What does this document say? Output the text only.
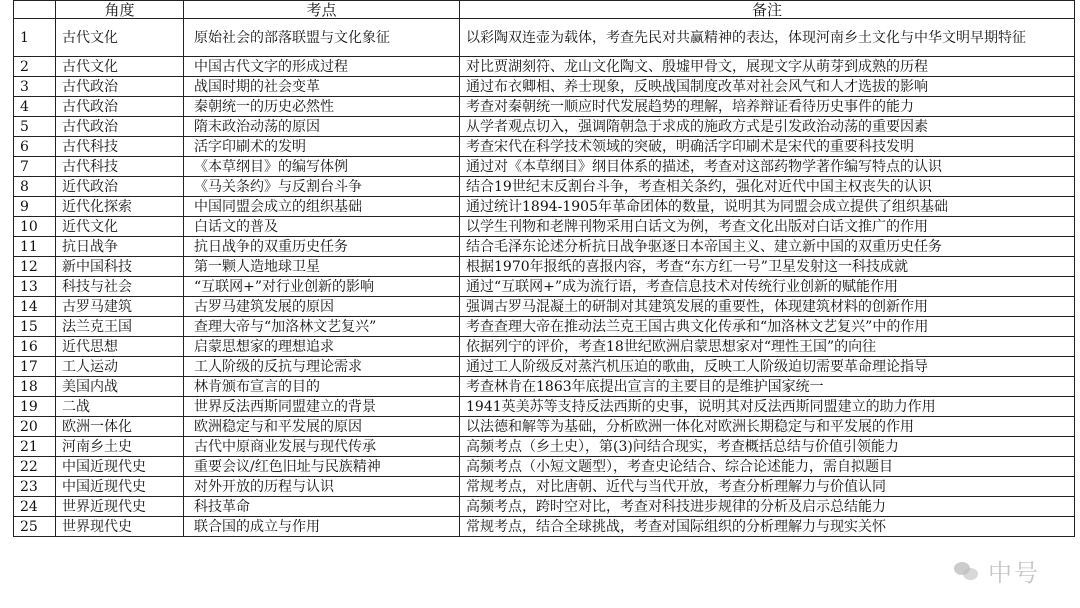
	角度	考点	备注
1	古代文化	原始社会的部落联盟与文化象征	以彩陶双连壶为载体，考查先民对共赢精神的表达，体现河南乡土文化与中华文明早期特征
2	古代文化	中国古代文字的形成过程	对比贾湖刻符、龙山文化陶文、殷墟甲骨文，展现文字从萌芽到成熟的历程
3	古代政治	战国时期的社会变革	通过布衣卿相、养士现象，反映战国制度改革对社会风气和人才选拔的影响
4	古代政治	秦朝统一的历史必然性	考查对秦朝统一顺应时代发展趋势的理解，培养辩证看待历史事件的能力
5	古代政治	隋末政治动荡的原因	从学者观点切入，强调隋朝急于求成的施政方式是引发政治动荡的重要因素
6	古代科技	活字印刷术的发明	考查宋代在科学技术领域的突破，明确活字印刷术是宋代的重要科技发明
7	古代科技	《本草纲目》的编写体例	通过对《本草纲目》纲目体系的描述，考查对这部药物学著作编写特点的认识
8	近代政治	《马关条约》与反割台斗争	结合19世纪末反割台斗争，考查相关条约，强化对近代中国主权丧失的认识
9	近代化探索	中国同盟会成立的组织基础	通过统计1894-1905年革命团体的数量，说明其为同盟会成立提供了组织基础
10	近代文化	白话文的普及	以学生刊物和老牌刊物采用白话文为例，考查文化出版对白话文推广的作用
11	抗日战争	抗日战争的双重历史任务	结合毛泽东论述分析抗日战争驱逐日本帝国主义、建立新中国的双重历史任务
12	新中国科技	第一颗人造地球卫星	根据1970年报纸的喜报内容，考查“东方红一号”卫星发射这一科技成就
13	科技与社会	“互联网+”对行业创新的影响	通过“互联网+”成为流行语，考查信息技术对传统行业创新的赋能作用
14	古罗马建筑	古罗马建筑发展的原因	强调古罗马混凝土的研制对其建筑发展的重要性，体现建筑材料的创新作用
15	法兰克王国	查理大帝与“加洛林文艺复兴”	考查查理大帝在推动法兰克王国古典文化传承和“加洛林文艺复兴”中的作用
16	近代思想	启蒙思想家的理想追求	依据列宁的评价，考查18世纪欧洲启蒙思想家对“理性王国”的向往
17	工人运动	工人阶级的反抗与理论需求	通过工人阶级反对蒸汽机压迫的歌曲，反映工人阶级迫切需要革命理论指导
18	美国内战	林肯颁布宣言的目的	考查林肯在1863年底提出宣言的主要目的是维护国家统一
19	二战	世界反法西斯同盟建立的背景	1941英美苏等支持反法西斯的史事，说明其对反法西斯同盟建立的助力作用
20	欧洲一体化	欧洲稳定与和平发展的原因	以法德和解等为基础，分析欧洲一体化对欧洲长期稳定与和平发展的作用
21	河南乡土史	古代中原商业发展与现代传承	高频考点（乡土史），第(3)问结合现实，考查概括总结与价值引领能力
22	中国近现代史	重要会议/红色旧址与民族精神	高频考点（小短文题型），考查史论结合、综合论述能力，需自拟题目
23	中国近现代史	对外开放的历程与认识	常规考点，对比唐朝、近代与当代开放，考查分析理解力与价值认同
24	世界近现代史	科技革命	高频考点，跨时空对比，考查对科技进步规律的分析及启示总结能力
25	世界现代史	联合国的成立与作用	常规考点，结合全球挑战，考查对国际组织的分析理解力与现实关怀
中号
